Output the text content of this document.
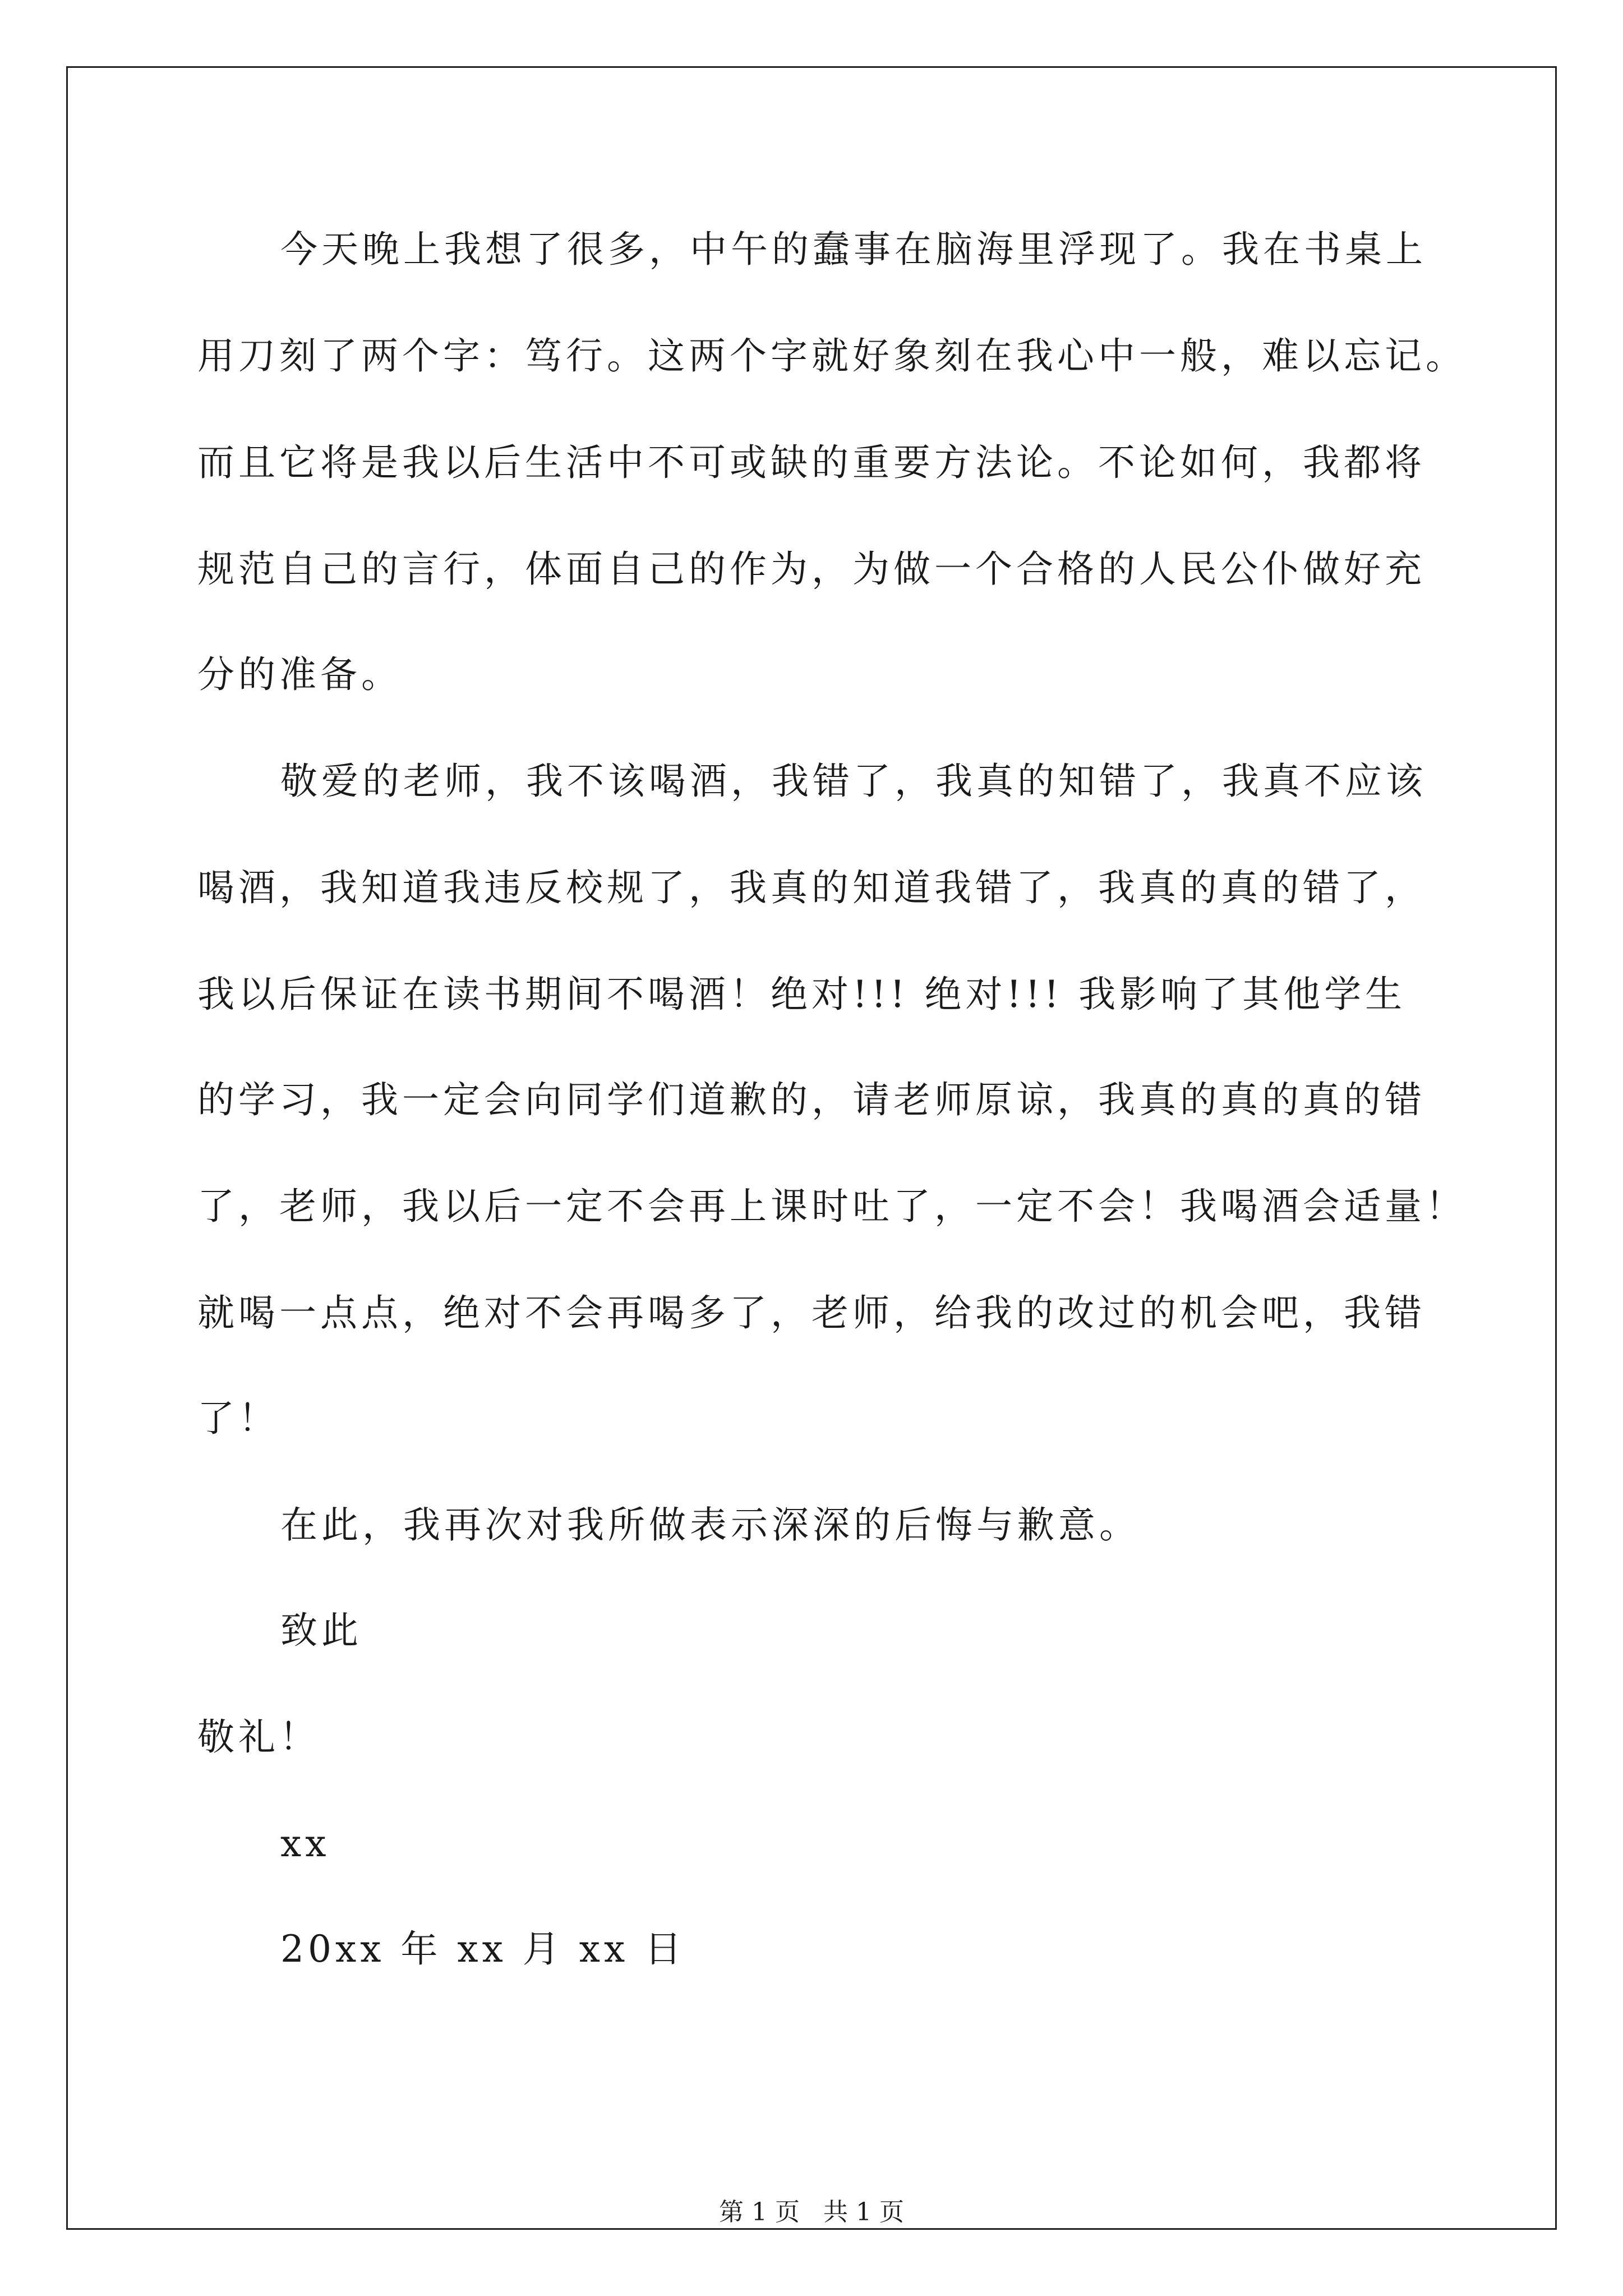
今天晚上我想了很多，中午的蠢事在脑海里浮现了。我在书桌上
用刀刻了两个字：笃行。这两个字就好象刻在我心中一般，难以忘记。
而且它将是我以后生活中不可或缺的重要方法论。不论如何，我都将
规范自己的言行，体面自己的作为，为做一个合格的人民公仆做好充
分的准备。
敬爱的老师，我不该喝酒，我错了，我真的知错了，我真不应该
喝酒，我知道我违反校规了，我真的知道我错了，我真的真的错了，
我以后保证在读书期间不喝酒！绝对!!! 绝对!!! 我影响了其他学生
的学习，我一定会向同学们道歉的，请老师原谅，我真的真的真的错
了，老师，我以后一定不会再上课时吐了，一定不会！我喝酒会适量！
就喝一点点，绝对不会再喝多了，老师，给我的改过的机会吧，我错
了！
在此，我再次对我所做表示深深的后悔与歉意。
致此
敬礼！
xx
20xx 年 xx 月 xx 日
第 1 页   共 1 页
